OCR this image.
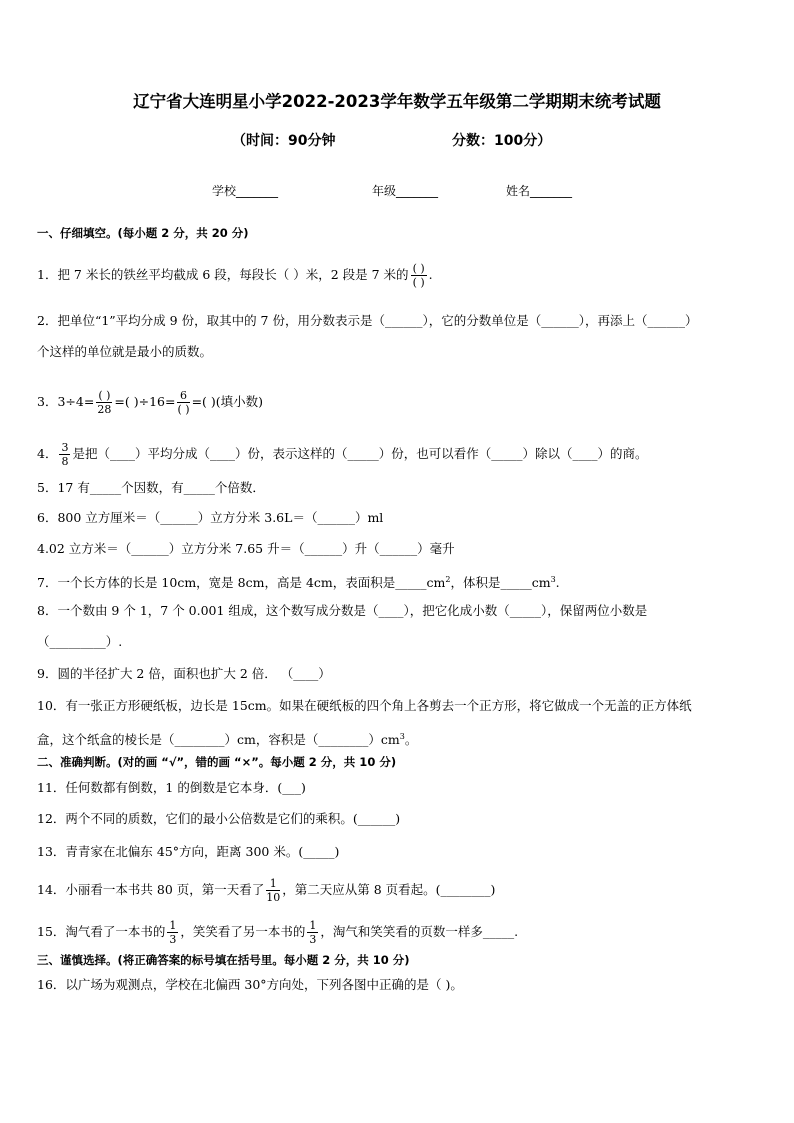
辽宁省大连明星小学2022-2023学年数学五年级第二学期期末统考试题
（时间：90分钟	分数：100分）
学校_______	年级_______	姓名_______
一、仔细填空。(每小题 2 分，共 20 分)
1．把 7 米长的铁丝平均截成 6 段，每段长（ ）米，2 段是 7 米的 $\frac{( )}{( )}$ .
2．把单位“1”平均分成 9 份，取其中的 7 份，用分数表示是（______），它的分数单位是（______），再添上（______）
个这样的单位就是最小的质数。
3．$3\div 4= \frac{( )}{28}$ =( )$\div 16= \frac{6}{( )}$ =( )(填小数)
4． $\frac{3}{8}$ 是把（____）平均分成（____）份，表示这样的（_____）份，也可以看作（_____）除以（____）的商。
5．17 有_____个因数，有_____个倍数．
6．800 立方厘米＝（______）立方分米 3.6L＝（______）ml
4.02 立方米＝（______）立方分米 7.65 升＝（______）升（______）毫升
7．一个长方体的长是 10cm，宽是 8cm，高是 4cm，表面积是$\_\_\_\_\_cm^2$，体积是$\_\_\_\_\_cm^3$.
8．一个数由 9 个 1，7 个 0.001 组成，这个数写成分数是（____），把它化成小数（_____），保留两位小数是
（_________）.
9．圆的半径扩大 2 倍，面积也扩大 2 倍． （____）
10．有一张正方形硬纸板，边长是 15cm。如果在硬纸板的四个角上各剪去一个正方形，将它做成一个无盖的正方体纸
盒，这个纸盒的棱长是（________）cm，容积是$(\_\_\_\_\_\_\_\_)cm^3$。
二、准确判断。(对的画 “√”，错的画 “×”。每小题 2 分，共 10 分)
11．任何数都有倒数，1 的倒数是它本身．(___)
12．两个不同的质数，它们的最小公倍数是它们的乘积。(______)
13．青青家在北偏东 45°方向，距离 300 米。(_____)
14．小丽看一本书共 80 页，第一天看了 $\frac{1}{10}$ ，第二天应从第 8 页看起。(________)
15．淘气看了一本书的 $\frac{1}{3}$ ，笑笑看了另一本书的 $\frac{1}{3}$ ，淘气和笑笑看的页数一样多_____.
三、谨慎选择。(将正确答案的标号填在括号里。每小题 2 分，共 10 分)
16．以广场为观测点，学校在北偏西 30°方向处，下列各图中正确的是（ )。
